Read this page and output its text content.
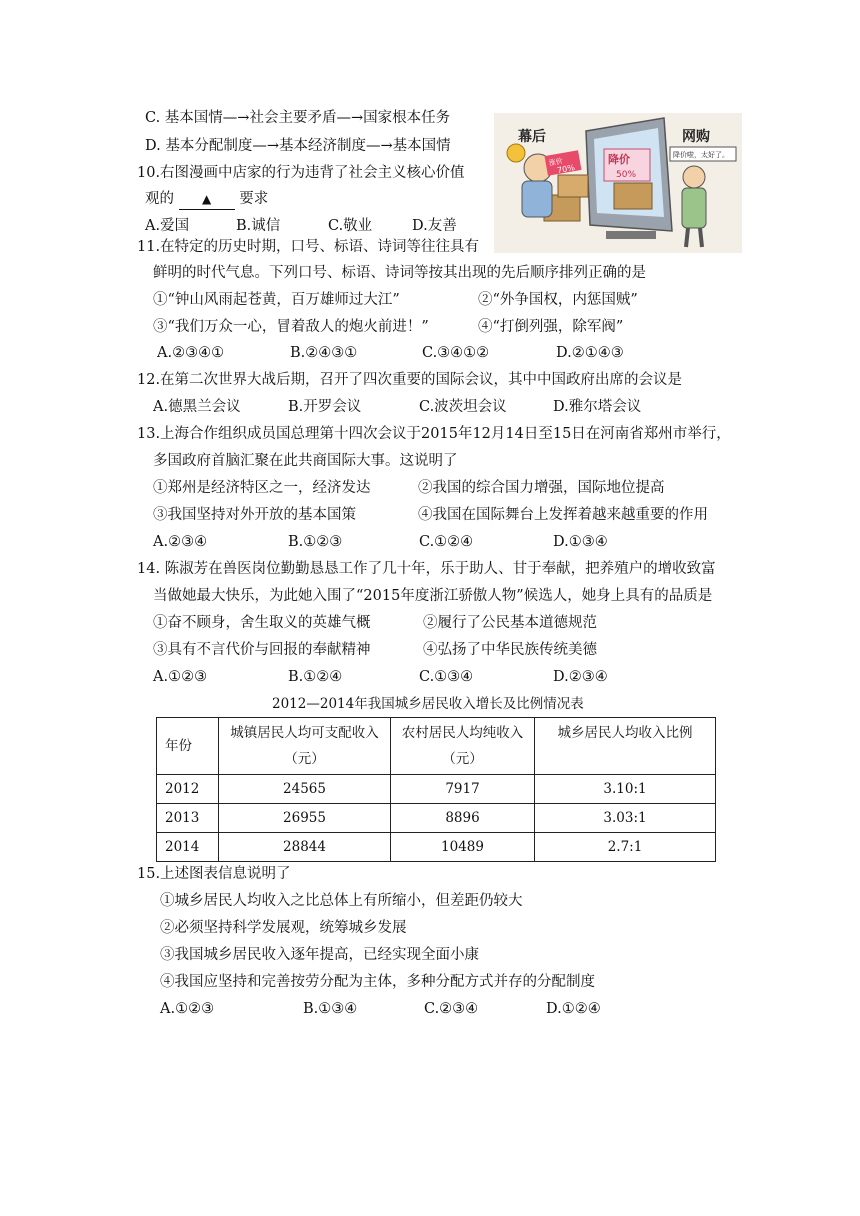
C. 基本国情—→社会主要矛盾—→国家根本任务
D. 基本分配制度—→基本经济制度—→基本国情
10.右图漫画中店家的行为违背了社会主义核心价值
观的 ▲ 要求
A.爱国	B.诚信	C.敬业	D.友善
涨价
70%
降价
50%
幕后	网购
降价啦，太好了。
11.在特定的历史时期，口号、标语、诗词等往往具有
鲜明的时代气息。下列口号、标语、诗词等按其出现的先后顺序排列正确的是
①“钟山风雨起苍黄，百万雄师过大江”	②“外争国权，内惩国贼”
③“我们万众一心，冒着敌人的炮火前进！”	④“打倒列强，除军阀”
A.②③④①	B.②④③①	C.③④①②	D.②①④③
12.在第二次世界大战后期，召开了四次重要的国际会议，其中中国政府出席的会议是
A.德黑兰会议	B.开罗会议	C.波茨坦会议	D.雅尔塔会议
13.上海合作组织成员国总理第十四次会议于2015年12月14日至15日在河南省郑州市举行，
多国政府首脑汇聚在此共商国际大事。这说明了
①郑州是经济特区之一，经济发达	②我国的综合国力增强，国际地位提高
③我国坚持对外开放的基本国策	④我国在国际舞台上发挥着越来越重要的作用
A.②③④	B.①②③	C.①②④	D.①③④
14. 陈淑芳在兽医岗位勤勤恳恳工作了几十年，乐于助人、甘于奉献，把养殖户的增收致富
当做她最大快乐，为此她入围了“2015年度浙江骄傲人物”候选人，她身上具有的品质是
①奋不顾身，舍生取义的英雄气概	②履行了公民基本道德规范
③具有不言代价与回报的奉献精神	④弘扬了中华民族传统美德
A.①②③	B.①②④	C.①③④	D.②③④
2012—2014年我国城乡居民收入增长及比例情况表
年份	城镇居民人均可支配收入（元）	农村居民人均纯收入（元）	城乡居民人均收入比例
2012	24565	7917	3.10:1
2013	26955	8896	3.03:1
2014	28844	10489	2.7:1
15.上述图表信息说明了
①城乡居民人均收入之比总体上有所缩小，但差距仍较大
②必须坚持科学发展观，统筹城乡发展
③我国城乡居民收入逐年提高，已经实现全面小康
④我国应坚持和完善按劳分配为主体，多种分配方式并存的分配制度
A.①②③	B.①③④	C.②③④	D.①②④
